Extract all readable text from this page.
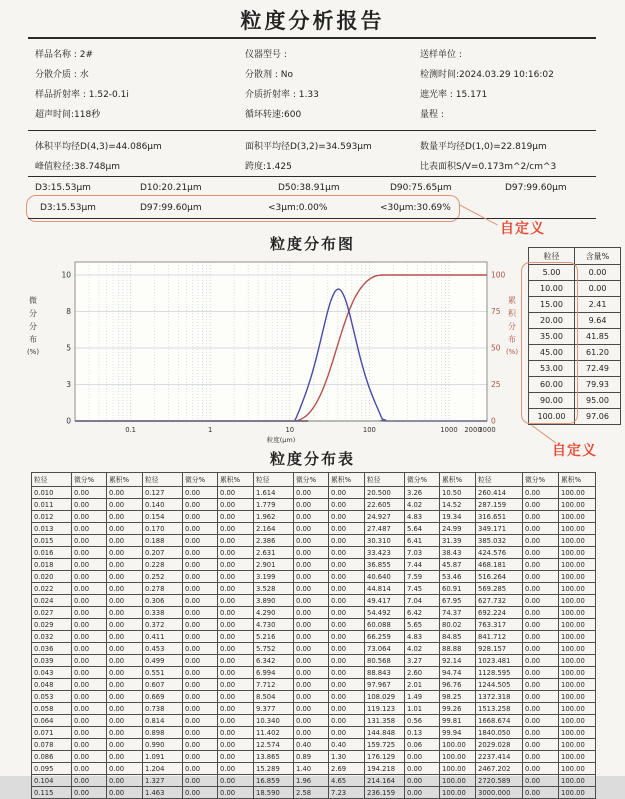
粒度分析报告
样品名称 : 2#	仪器型号 :	送样单位 :
分散介质 : 水	分散剂 : No	检测时间:2024.03.29 10:16:02
样品折射率 : 1.52-0.1i	介质折射率 : 1.33	遮光率 : 15.171
超声时间:118秒	循环转速:600	量程 :
体积平均径D(4,3)=44.086μm	面积平均径D(3,2)=34.593μm	数量平均径D(1,0)=22.819μm
峰值粒径:38.748μm	跨度:1.425	比表面积S/V=0.173m^2/cm^3
D3:15.53μm	D10:20.21μm	D50:38.91μm	D90:75.65μm	D97:99.60μm
D3:15.53μm	D97:99.60μm	<3μm:0.00%	<30μm:30.69%
自定义
粒度分布图
微
分
分
布
(%)
累
积
分
布
(%)
10
8
5
3
0
100
75
50
25
0
0.1	1	10	100	1000 2000
3000
粒度(μm)
粒径	含量%
5.00	0.00
10.00	0.00
15.00	2.41
20.00	9.64
35.00	41.85
45.00	61.20
53.00	72.49
60.00	79.93
90.00	95.00
100.00	97.06
自定义
粒度分布表
粒径	微分%	累积%	粒径	微分%	累积%	粒径	微分%	累积%	粒径	微分%	累积%	粒径	微分%	累积%
0.010	0.00	0.00	0.127	0.00	0.00	1.614	0.00	0.00	20.500	3.26	10.50	260.414	0.00	100.00
0.011	0.00	0.00	0.140	0.00	0.00	1.779	0.00	0.00	22.605	4.02	14.52	287.159	0.00	100.00
0.012	0.00	0.00	0.154	0.00	0.00	1.962	0.00	0.00	24.927	4.83	19.34	316.651	0.00	100.00
0.013	0.00	0.00	0.170	0.00	0.00	2.164	0.00	0.00	27.487	5.64	24.99	349.171	0.00	100.00
0.015	0.00	0.00	0.188	0.00	0.00	2.386	0.00	0.00	30.310	6.41	31.39	385.032	0.00	100.00
0.016	0.00	0.00	0.207	0.00	0.00	2.631	0.00	0.00	33.423	7.03	38.43	424.576	0.00	100.00
0.018	0.00	0.00	0.228	0.00	0.00	2.901	0.00	0.00	36.855	7.44	45.87	468.181	0.00	100.00
0.020	0.00	0.00	0.252	0.00	0.00	3.199	0.00	0.00	40.640	7.59	53.46	516.264	0.00	100.00
0.022	0.00	0.00	0.278	0.00	0.00	3.528	0.00	0.00	44.814	7.45	60.91	569.285	0.00	100.00
0.024	0.00	0.00	0.306	0.00	0.00	3.890	0.00	0.00	49.417	7.04	67.95	627.732	0.00	100.00
0.027	0.00	0.00	0.338	0.00	0.00	4.290	0.00	0.00	54.492	6.42	74.37	692.224	0.00	100.00
0.029	0.00	0.00	0.372	0.00	0.00	4.730	0.00	0.00	60.088	5.65	80.02	763.317	0.00	100.00
0.032	0.00	0.00	0.411	0.00	0.00	5.216	0.00	0.00	66.259	4.83	84.85	841.712	0.00	100.00
0.036	0.00	0.00	0.453	0.00	0.00	5.752	0.00	0.00	73.064	4.02	88.88	928.157	0.00	100.00
0.039	0.00	0.00	0.499	0.00	0.00	6.342	0.00	0.00	80.568	3.27	92.14	1023.481	0.00	100.00
0.043	0.00	0.00	0.551	0.00	0.00	6.994	0.00	0.00	88.843	2.60	94.74	1128.595	0.00	100.00
0.048	0.00	0.00	0.607	0.00	0.00	7.712	0.00	0.00	97.967	2.01	96.76	1244.505	0.00	100.00
0.053	0.00	0.00	0.669	0.00	0.00	8.504	0.00	0.00	108.029	1.49	98.25	1372.318	0.00	100.00
0.058	0.00	0.00	0.738	0.00	0.00	9.377	0.00	0.00	119.123	1.01	99.26	1513.258	0.00	100.00
0.064	0.00	0.00	0.814	0.00	0.00	10.340	0.00	0.00	131.358	0.56	99.81	1668.674	0.00	100.00
0.071	0.00	0.00	0.898	0.00	0.00	11.402	0.00	0.00	144.848	0.13	99.94	1840.050	0.00	100.00
0.078	0.00	0.00	0.990	0.00	0.00	12.574	0.40	0.40	159.725	0.06	100.00	2029.028	0.00	100.00
0.086	0.00	0.00	1.091	0.00	0.00	13.865	0.89	1.30	176.129	0.00	100.00	2237.414	0.00	100.00
0.095	0.00	0.00	1.204	0.00	0.00	15.289	1.40	2.69	194.218	0.00	100.00	2467.202	0.00	100.00
0.104	0.00	0.00	1.327	0.00	0.00	16.859	1.96	4.65	214.164	0.00	100.00	2720.589	0.00	100.00
0.115	0.00	0.00	1.463	0.00	0.00	18.590	2.58	7.23	236.159	0.00	100.00	3000.000	0.00	100.00
